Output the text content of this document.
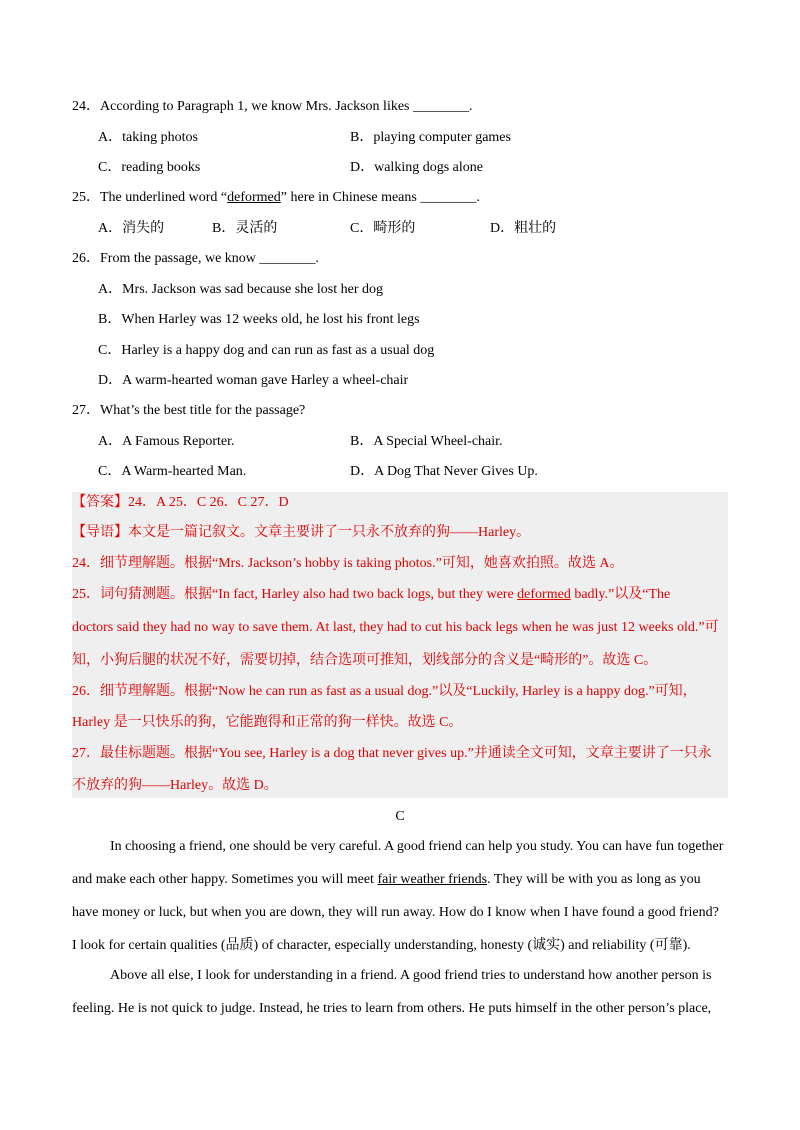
24．According to Paragraph 1, we know Mrs. Jackson likes ________.
A．taking photos	B．playing computer games
C．reading books	D．walking dogs alone
25．The underlined word “deformed” here in Chinese means ________.
A．消失的	B．灵活的	C．畸形的	D．粗壮的
26．From the passage, we know ________.
A．Mrs. Jackson was sad because she lost her dog
B．When Harley was 12 weeks old, he lost his front legs
C．Harley is a happy dog and can run as fast as a usual dog
D．A warm-hearted woman gave Harley a wheel-chair
27．What’s the best title for the passage?
A．A Famous Reporter.	B．A Special Wheel-chair.
C．A Warm-hearted Man.	D．A Dog That Never Gives Up.
【答案】24．A 25．C 26．C 27．D
【导语】本文是一篇记叙文。文章主要讲了一只永不放弃的狗——Harley。
24．细节理解题。根据“Mrs. Jackson’s hobby is taking photos.”可知，她喜欢拍照。故选 A。
25．词句猜测题。根据“In fact, Harley also had two back logs, but they were deformed badly.”以及“The
doctors said they had no way to save them. At last, they had to cut his back legs when he was just 12 weeks old.”可
知，小狗后腿的状况不好，需要切掉，结合选项可推知，划线部分的含义是“畸形的”。故选 C。
26．细节理解题。根据“Now he can run as fast as a usual dog.”以及“Luckily, Harley is a happy dog.”可知，
Harley 是一只快乐的狗，它能跑得和正常的狗一样快。故选 C。
27．最佳标题题。根据“You see, Harley is a dog that never gives up.”并通读全文可知，文章主要讲了一只永
不放弃的狗——Harley。故选 D。
C
In choosing a friend, one should be very careful. A good friend can help you study. You can have fun together
and make each other happy. Sometimes you will meet fair weather friends. They will be with you as long as you
have money or luck, but when you are down, they will run away. How do I know when I have found a good friend?
I look for certain qualities (品质) of character, especially understanding, honesty (诚实) and reliability (可靠).
Above all else, I look for understanding in a friend. A good friend tries to understand how another person is
feeling. He is not quick to judge. Instead, he tries to learn from others. He puts himself in the other person’s place,
